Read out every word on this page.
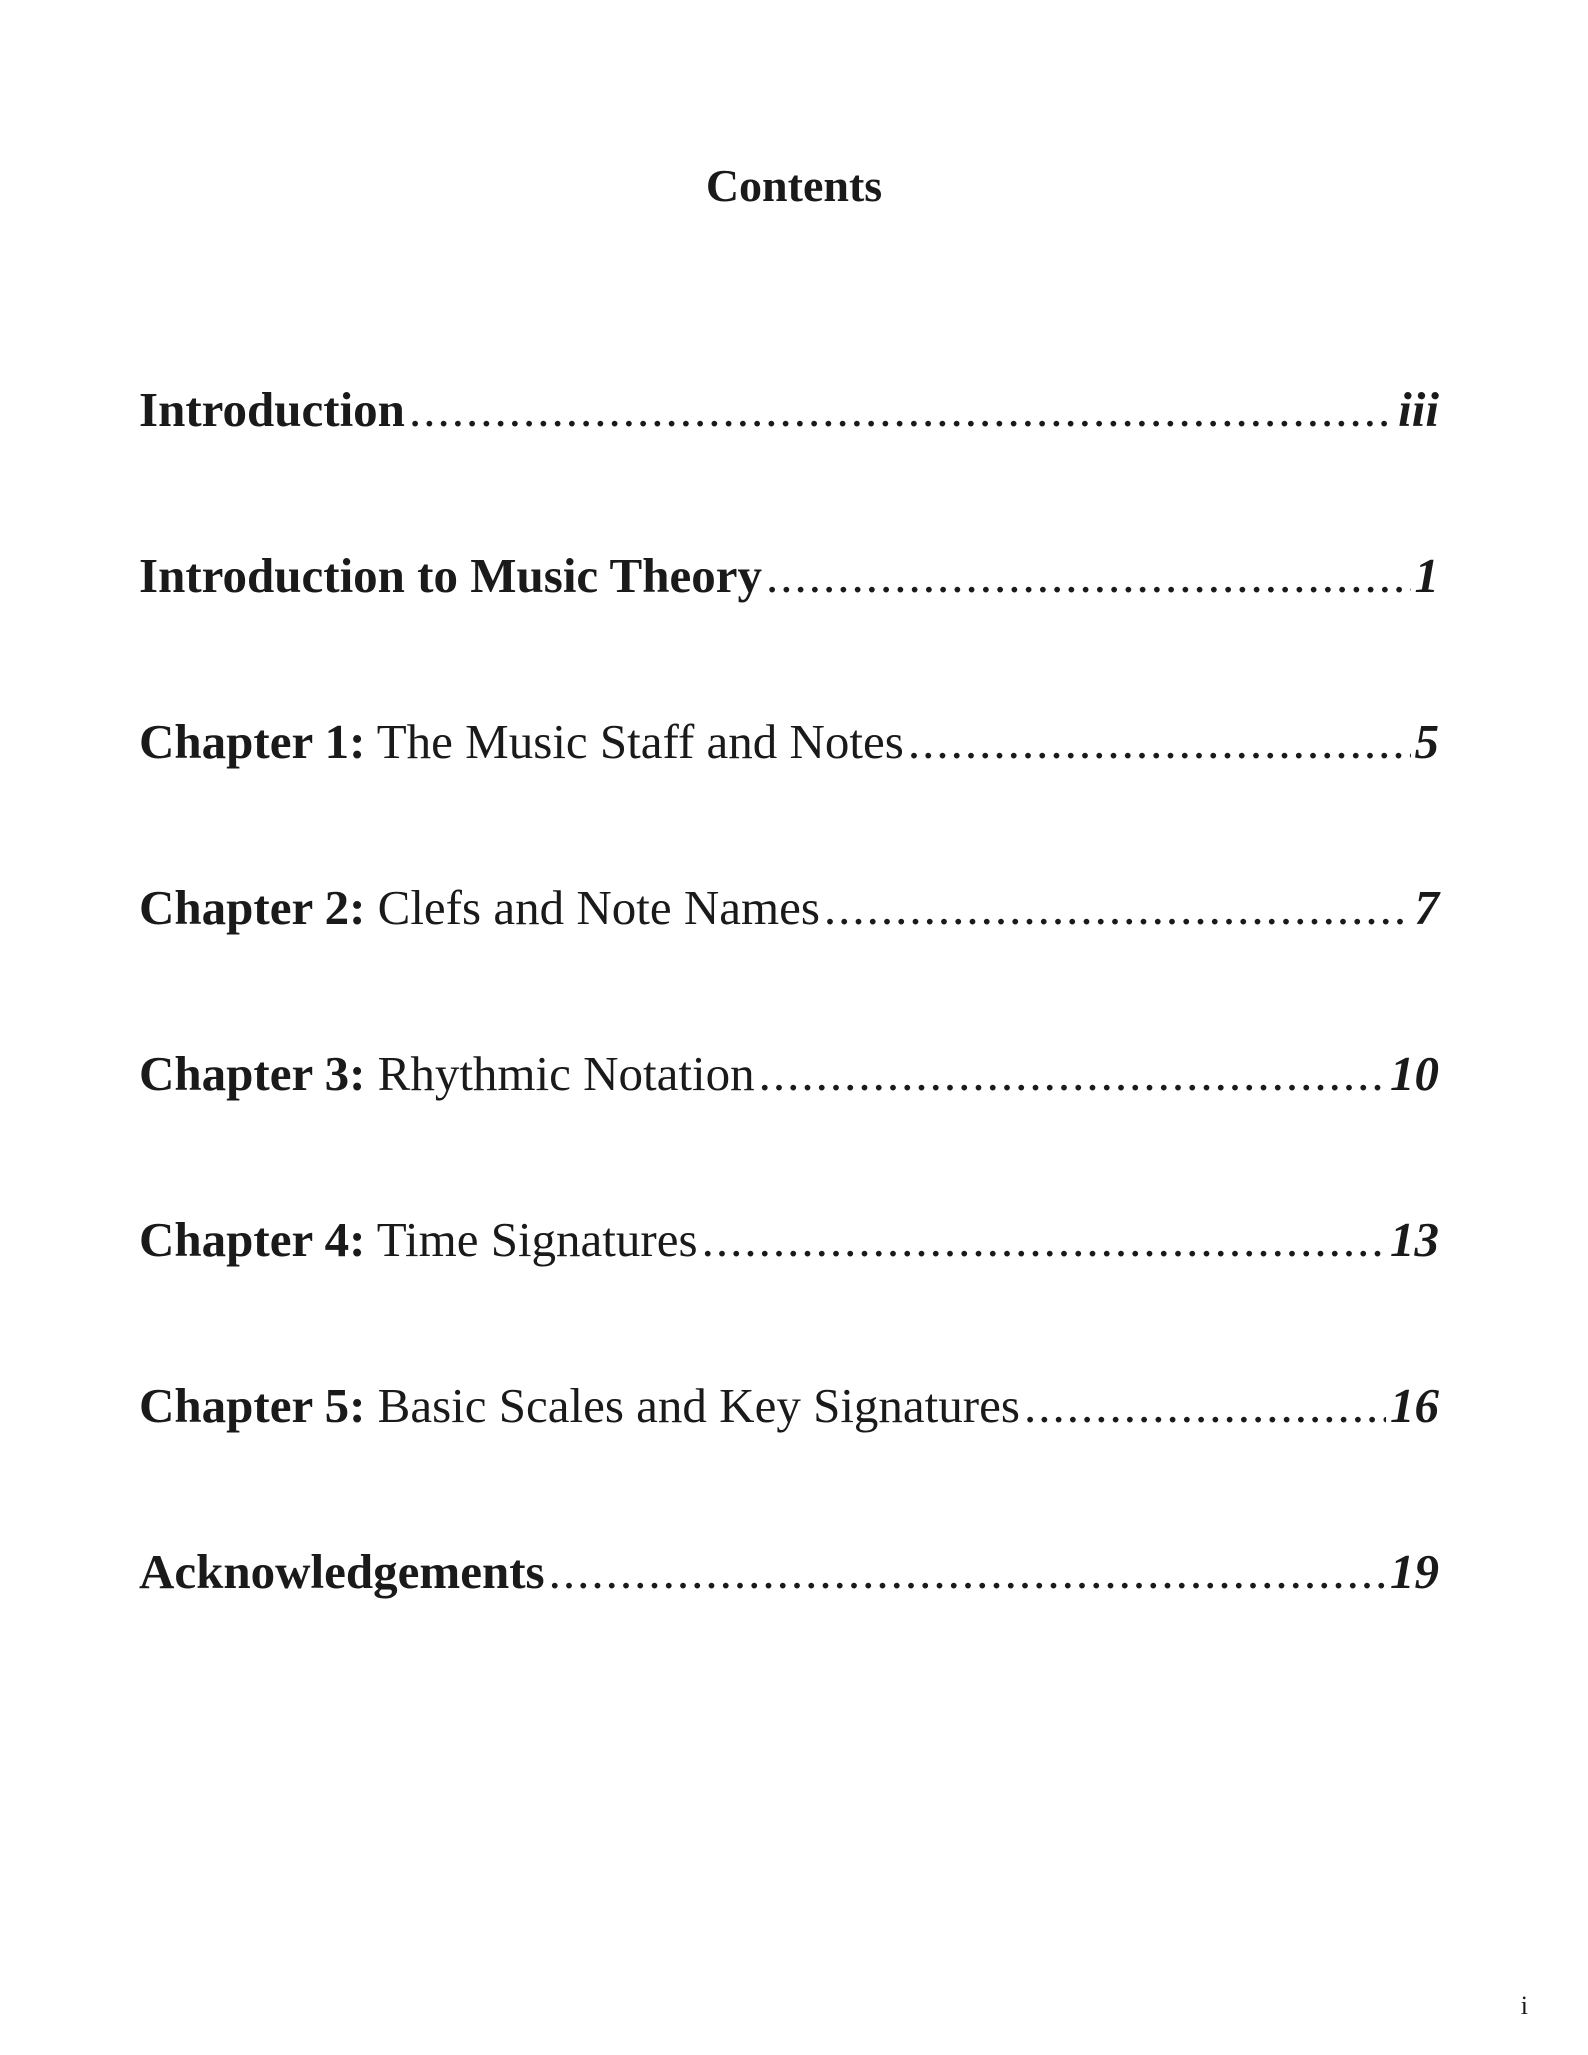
Contents
Introduction .....	iii
Introduction to Music Theory .....	1
Chapter 1: The Music Staff and Notes .....	5
Chapter 2: Clefs and Note Names .....	7
Chapter 3: Rhythmic Notation .....	10
Chapter 4: Time Signatures .....	13
Chapter 5: Basic Scales and Key Signatures .....	16
Acknowledgements .....	19
i
